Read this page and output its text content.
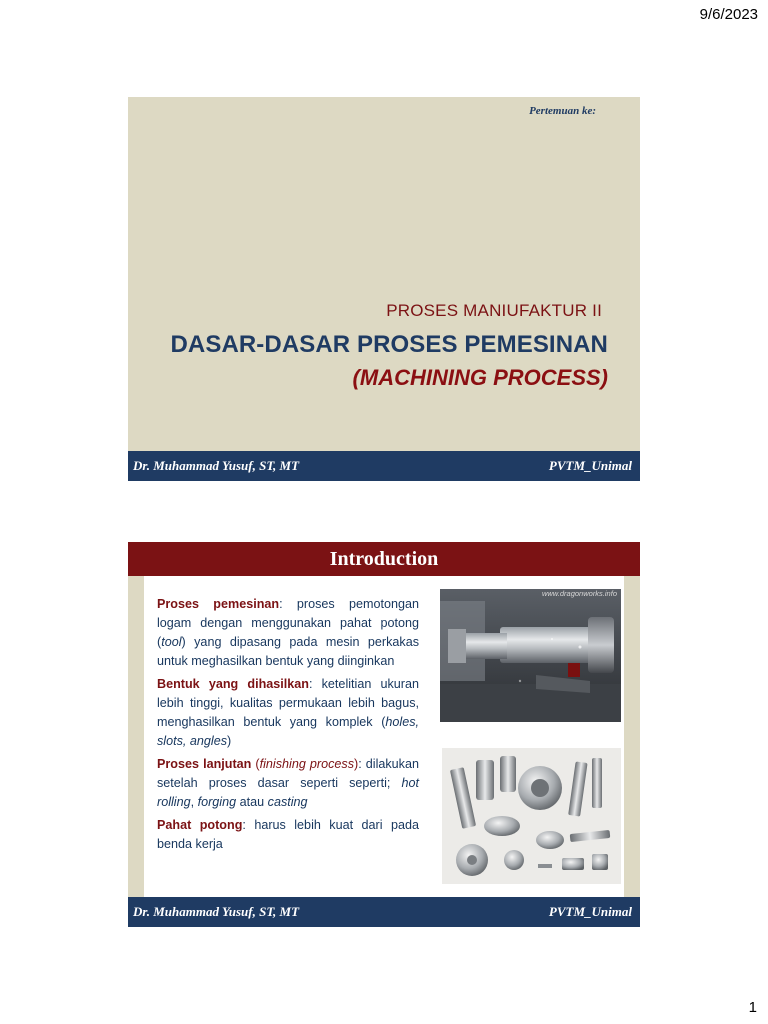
9/6/2023
Pertemuan ke:
PROSES MANIUFAKTUR II
DASAR-DASAR PROSES PEMESINAN
(MACHINING PROCESS)
Dr. Muhammad Yusuf, ST, MT	PVTM_Unimal
Introduction

Proses pemesinan: proses pemotongan logam dengan menggunakan pahat potong (tool) yang dipasang pada mesin perkakas untuk meghasilkan bentuk yang diinginkan

Bentuk yang dihasilkan: ketelitian ukuran lebih tinggi, kualitas permukaan lebih bagus, menghasilkan bentuk yang komplek (holes, slots, angles)

Proses lanjutan (finishing process): dilakukan setelah proses dasar seperti seperti; hot rolling, forging atau casting

Pahat potong: harus lebih kuat dari pada benda kerja

www.dragonworks.info
Dr. Muhammad Yusuf, ST, MT	PVTM_Unimal
1
